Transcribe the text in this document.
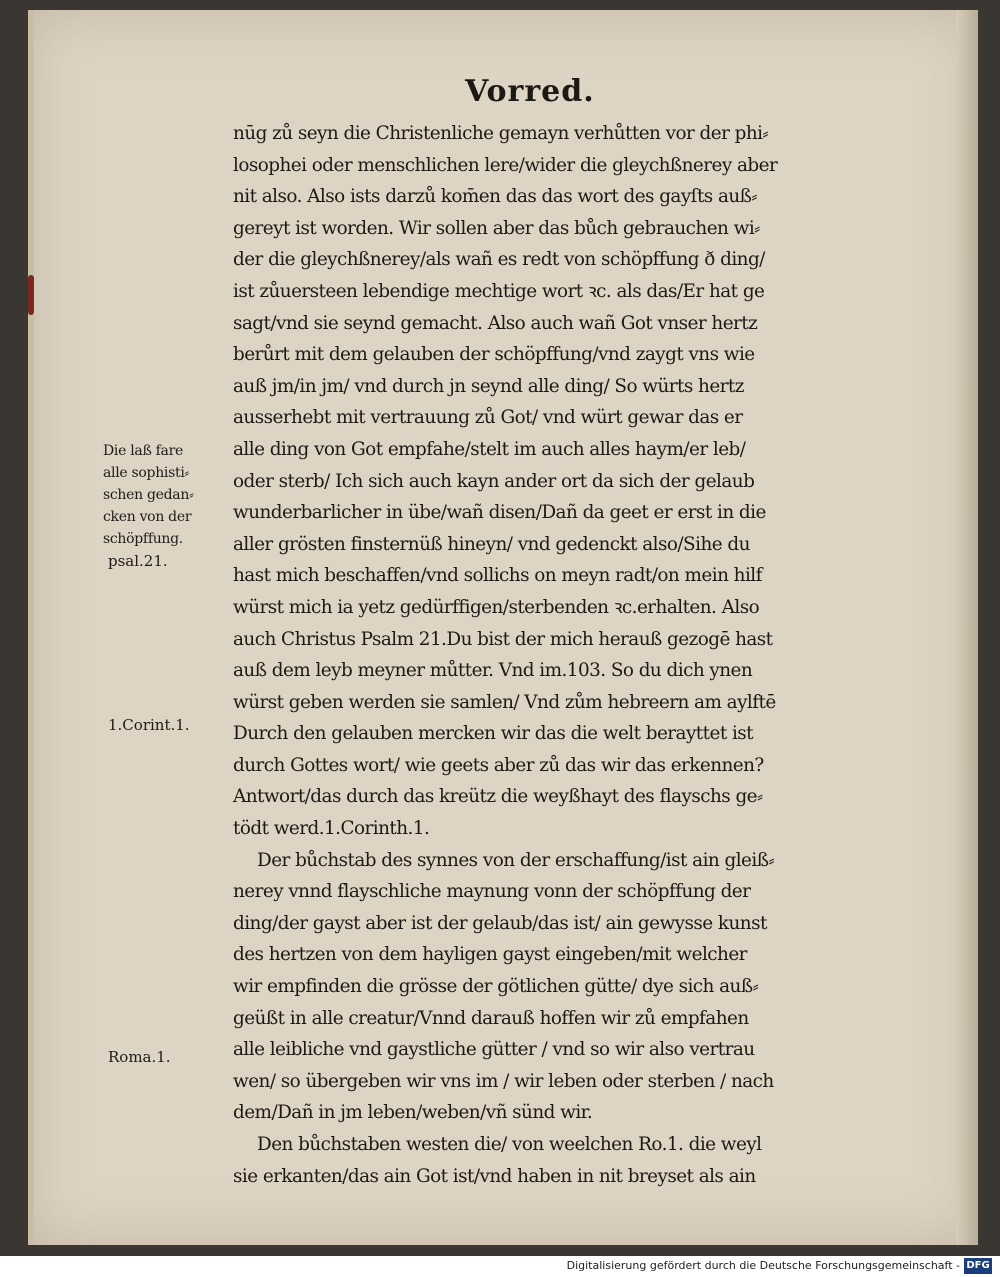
Vorred.
nūg zů seyn die Christenliche gemayn verhůtten vor der phi⸗
losophei oder menschlichen lere/wider die gleychßnerey aber
nit also. Also ists darzů kom̄en das das wort des gayſts auß⸗
gereyt ist worden. Wir sollen aber das bůch gebrauchen wi⸗
der die gleychßnerey/als wañ es redt von schöpffung ð ding/
ist zůuersteen lebendige mechtige wort ꝛc. als das/Er hat ge
sagt/vnd sie seynd gemacht. Also auch wañ Got vnser hertz
berůrt mit dem gelauben der schöpffung/vnd zaygt vns wie
auß jm/in jm/ vnd durch jn seynd alle ding/ So würts hertz
ausserhebt mit vertrauung zů Got/ vnd würt gewar das er
alle ding von Got empfahe/stelt im auch alles haym/er leb/
oder sterb/ Ich sich auch kayn ander ort da sich der gelaub
wunderbarlicher in übe/wañ disen/Dañ da geet er erst in die
aller grösten finsternüß hineyn/ vnd gedenckt also/Sihe du
hast mich beschaffen/vnd sollichs on meyn radt/on mein hilf
würst mich ia yetz gedürffigen/sterbenden ꝛc.erhalten. Also
auch Christus Psalm 21.Du bist der mich herauß gezogē hast
auß dem leyb meyner můtter. Vnd im.103. So du dich ynen
würst geben werden sie samlen/ Vnd zům hebreern am aylftē
Durch den gelauben mercken wir das die welt berayttet ist
durch Gottes wort/ wie geets aber zů das wir das erkennen?
Antwort/das durch das kreütz die weyßhayt des flayschs ge⸗
tödt werd.1.Corinth.1.
Der bůchstab des synnes von der erschaffung/ist ain gleiß⸗
nerey vnnd flayschliche maynung vonn der schöpffung der
ding/der gayst aber ist der gelaub/das ist/ ain gewysse kunst
des hertzen von dem hayligen gayst eingeben/mit welcher
wir empfinden die grösse der götlichen gütte/ dye sich auß⸗
geüßt in alle creatur/Vnnd darauß hoffen wir zů empfahen
alle leibliche vnd gaystliche gütter / vnd so wir also vertrau
wen/ so übergeben wir vns im / wir leben oder sterben / nach
dem/Dañ in jm leben/weben/vñ sünd wir.
Den bůchstaben westen die/ von weelchen Ro.1. die weyl
sie erkanten/das ain Got ist/vnd haben in nit breyset als ain
Die laß fare
alle sophisti⸗
schen gedan⸗
cken von der
schöpffung.
psal.21.
1.Corint.1.
Roma.1.
Digitalisierung gefördert durch die Deutsche Forschungsgemeinschaft - DFG
